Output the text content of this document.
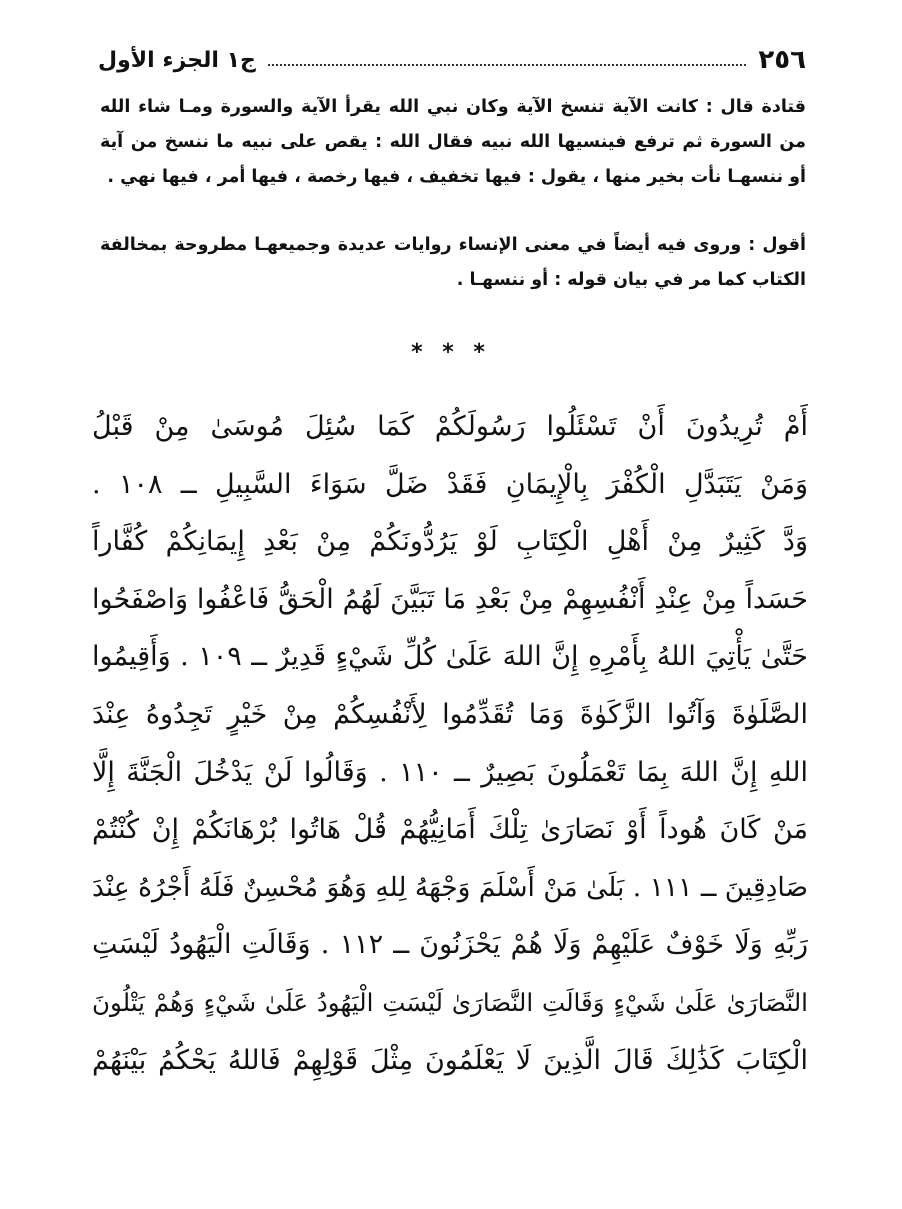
٢٥٦
ج١ الجزء الأول
قتادة قال : كانت الآية تنسخ الآية وكان نبي الله يقرأ الآية والسورة ومـا شاء الله من السورة ثم ترفع فينسيها الله نبيه فقال الله : يقص على نبيه ما ننسخ من آية أو ننسهـا نأت بخير منها ، يقول : فيها تخفيف ، فيها رخصة ، فيها أمر ، فيها نهي .
أقول : وروى فيه أيضاً في معنى الإنساء روايات عديدة وجميعهـا مطروحة بمخالفة الكتاب كما مر في بيان قوله : أو ننسهـا .
* * *
أَمْ تُرِيدُونَ أَنْ تَسْئَلُوا رَسُولَكُمْ كَمَا سُئِلَ مُوسَىٰ مِنْ قَبْلُ
وَمَنْ يَتَبَدَّلِ الْكُفْرَ بِالْإِيمَانِ فَقَدْ ضَلَّ سَوَاءَ السَّبِيلِ ــ ١٠٨ .
وَدَّ كَثِيرٌ مِنْ أَهْلِ الْكِتَابِ لَوْ يَرُدُّونَكُمْ مِنْ بَعْدِ إِيمَانِكُمْ كُفَّاراً
حَسَداً مِنْ عِنْدِ أَنْفُسِهِمْ مِنْ بَعْدِ مَا تَبَيَّنَ لَهُمُ الْحَقُّ فَاعْفُوا وَاصْفَحُوا
حَتَّىٰ يَأْتِيَ اللهُ بِأَمْرِهِ إِنَّ اللهَ عَلَىٰ كُلِّ شَيْءٍ قَدِيرٌ ــ ١٠٩ . وَأَقِيمُوا
الصَّلَوٰةَ وَآتُوا الزَّكَوٰةَ وَمَا تُقَدِّمُوا لِأَنْفُسِكُمْ مِنْ خَيْرٍ تَجِدُوهُ عِنْدَ
اللهِ إِنَّ اللهَ بِمَا تَعْمَلُونَ بَصِيرٌ ــ ١١٠ . وَقَالُوا لَنْ يَدْخُلَ الْجَنَّةَ إِلَّا
مَنْ كَانَ هُوداً أَوْ نَصَارَىٰ تِلْكَ أَمَانِيُّهُمْ قُلْ هَاتُوا بُرْهَانَكُمْ إِنْ كُنْتُمْ
صَادِقِينَ ــ ١١١ . بَلَىٰ مَنْ أَسْلَمَ وَجْهَهُ لِلهِ وَهُوَ مُحْسِنٌ فَلَهُ أَجْرُهُ عِنْدَ
رَبِّهِ وَلَا خَوْفٌ عَلَيْهِمْ وَلَا هُمْ يَحْزَنُونَ ــ ١١٢ . وَقَالَتِ الْيَهُودُ لَيْسَتِ
النَّصَارَىٰ عَلَىٰ شَيْءٍ وَقَالَتِ النَّصَارَىٰ لَيْسَتِ الْيَهُودُ عَلَىٰ شَيْءٍ وَهُمْ يَتْلُونَ
الْكِتَابَ كَذَٰلِكَ قَالَ الَّذِينَ لَا يَعْلَمُونَ مِثْلَ قَوْلِهِمْ فَاللهُ يَحْكُمُ بَيْنَهُمْ
